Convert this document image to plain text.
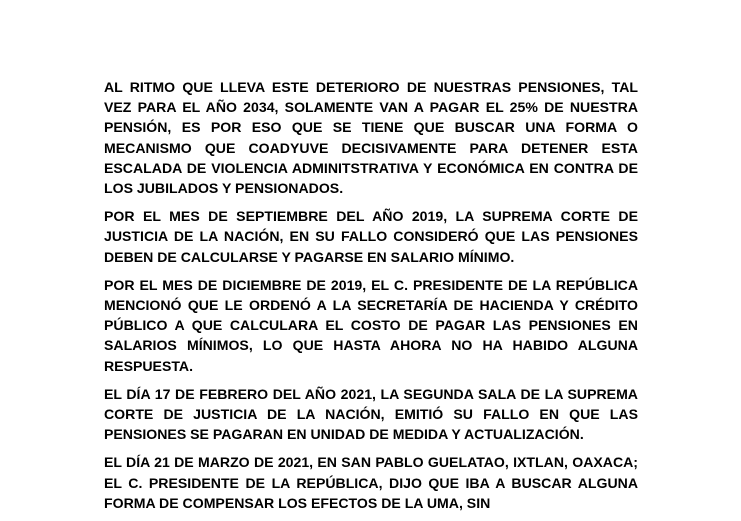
AL RITMO QUE LLEVA ESTE DETERIORO DE NUESTRAS PENSIONES, TAL VEZ PARA EL AÑO 2034, SOLAMENTE VAN A PAGAR EL 25% DE NUESTRA PENSIÓN, ES POR ESO QUE SE TIENE QUE BUSCAR UNA FORMA O MECANISMO QUE COADYUVE DECISIVAMENTE PARA DETENER ESTA ESCALADA DE VIOLENCIA ADMINITSTRATIVA Y ECONÓMICA EN CONTRA DE LOS JUBILADOS Y PENSIONADOS.

POR EL MES DE SEPTIEMBRE DEL AÑO 2019, LA SUPREMA CORTE DE JUSTICIA DE LA NACIÓN, EN SU FALLO CONSIDERÓ QUE LAS PENSIONES DEBEN DE CALCULARSE Y PAGARSE EN SALARIO MÍNIMO.

POR EL MES DE DICIEMBRE DE 2019, EL C. PRESIDENTE DE LA REPÚBLICA MENCIONÓ QUE LE ORDENÓ A LA SECRETARÍA DE HACIENDA Y CRÉDITO PÚBLICO A QUE CALCULARA EL COSTO DE PAGAR LAS PENSIONES EN SALARIOS MÍNIMOS, LO QUE HASTA AHORA NO HA HABIDO ALGUNA RESPUESTA.

EL DÍA 17 DE FEBRERO DEL AÑO 2021, LA SEGUNDA SALA DE LA SUPREMA CORTE DE JUSTICIA DE LA NACIÓN, EMITIÓ SU FALLO EN QUE LAS PENSIONES SE PAGARAN EN UNIDAD DE MEDIDA Y ACTUALIZACIÓN.

EL DÍA 21 DE MARZO DE 2021, EN SAN PABLO GUELATAO, IXTLAN, OAXACA; EL C. PRESIDENTE DE LA REPÚBLICA, DIJO QUE IBA A BUSCAR ALGUNA FORMA DE COMPENSAR LOS EFECTOS DE LA UMA, SIN
